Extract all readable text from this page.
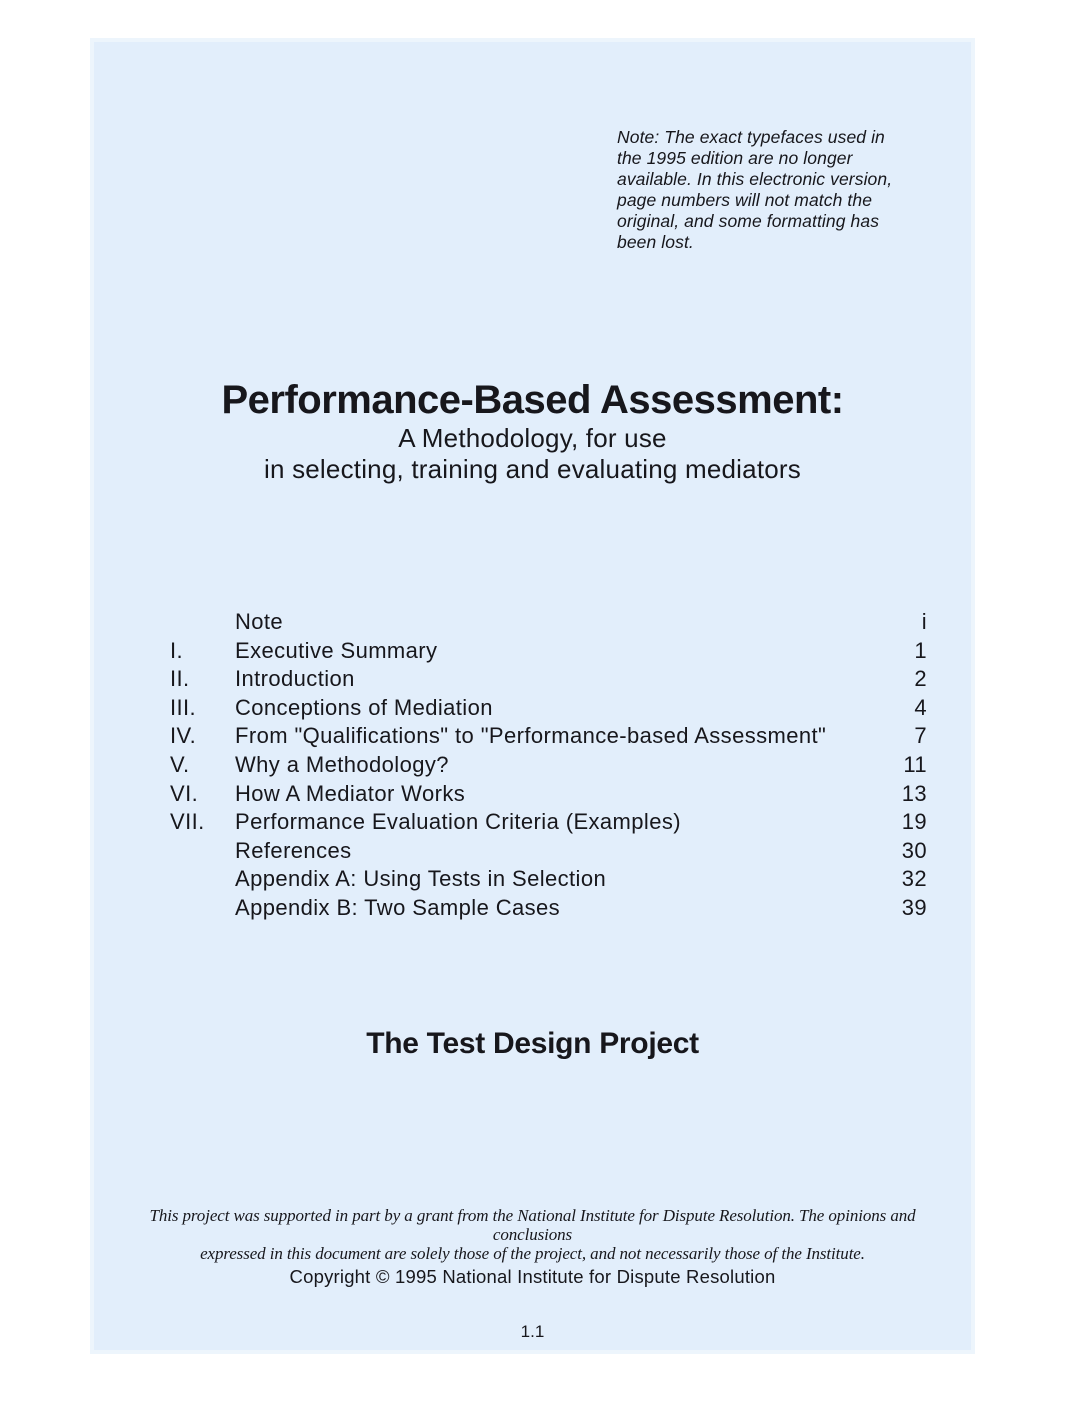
Note: The exact typefaces used in
the 1995 edition are no longer
available. In this electronic version,
page numbers will not match the
original, and some formatting has
been lost.
Performance-Based Assessment:
A Methodology, for use
in selecting, training and evaluating mediators
Note	i
I.	Executive Summary	1
II.	Introduction	2
III.	Conceptions of Mediation	4
IV.	From "Qualifications" to "Performance-based Assessment"	7
V.	Why a Methodology?	11
VI.	How A Mediator Works	13
VII.	Performance Evaluation Criteria (Examples)	19
References	30
Appendix A: Using Tests in Selection	32
Appendix B: Two Sample Cases	39
The Test Design Project
This project was supported in part by a grant from the National Institute for Dispute Resolution. The opinions and conclusions
expressed in this document are solely those of the project, and not necessarily those of the Institute.
Copyright © 1995 National Institute for Dispute Resolution
1.1
